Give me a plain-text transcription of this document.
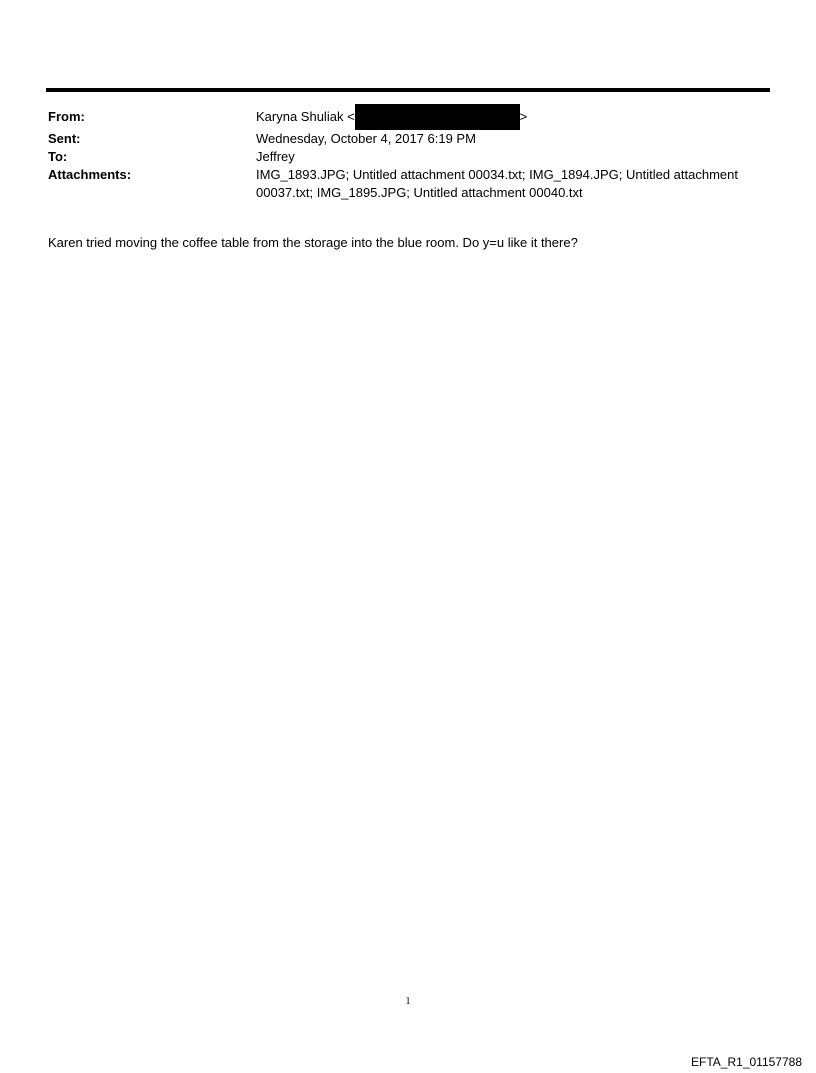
From:	Karyna Shuliak <	>
Sent:	Wednesday, October 4, 2017 6:19 PM
To:	Jeffrey
Attachments:	IMG_1893.JPG; Untitled attachment 00034.txt; IMG_1894.JPG; Untitled attachment
00037.txt; IMG_1895.JPG; Untitled attachment 00040.txt
Karen tried moving the coffee table from the storage into the blue room. Do y=u like it there?
1
EFTA_R1_01157788
